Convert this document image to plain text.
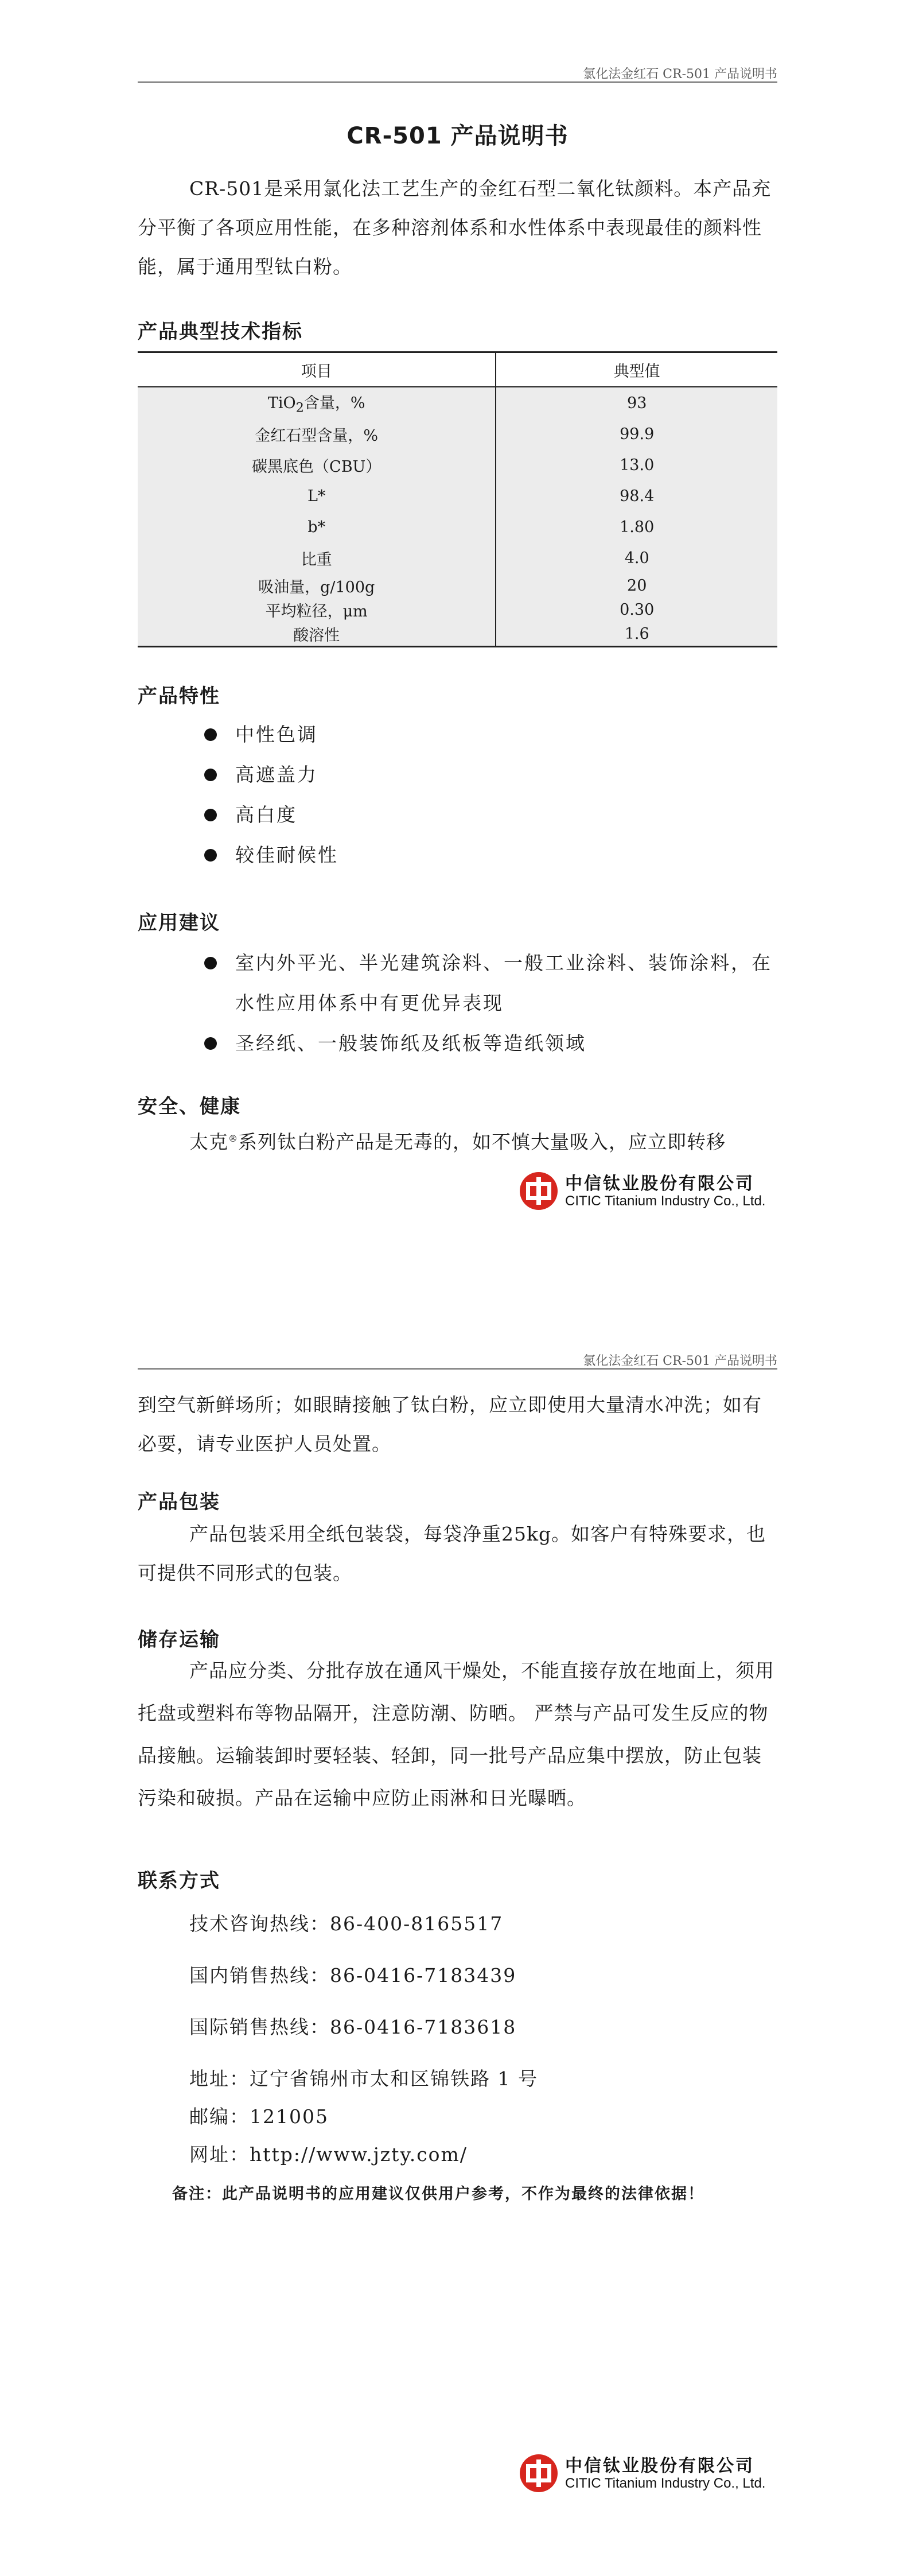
氯化法金红石 CR-501 产品说明书
CR-501 产品说明书
CR-501是采用氯化法工艺生产的金红石型二氧化钛颜料。本产品充分平衡了各项应用性能，在多种溶剂体系和水性体系中表现最佳的颜料性能，属于通用型钛白粉。
产品典型技术指标
项目	典型值
TiO$_2$含量，%	93
金红石型含量，%	99.9
碳黑底色（CBU）	13.0
L*	98.4
b*	1.80
比重	4.0
吸油量，g/100g	20
平均粒径，μm	0.30
酸溶性	1.6
产品特性
中性色调
高遮盖力
高白度
较佳耐候性
应用建议
室内外平光、半光建筑涂料、一般工业涂料、装饰涂料，在水性应用体系中有更优异表现
圣经纸、一般装饰纸及纸板等造纸领域
安全、健康
太克®系列钛白粉产品是无毒的，如不慎大量吸入，应立即转移
中信钛业股份有限公司
CITIC Titanium Industry Co., Ltd.
氯化法金红石 CR-501 产品说明书
到空气新鲜场所；如眼睛接触了钛白粉，应立即使用大量清水冲洗；如有必要，请专业医护人员处置。
产品包装
产品包装采用全纸包装袋，每袋净重25kg。如客户有特殊要求，也可提供不同形式的包装。
储存运输
产品应分类、分批存放在通风干燥处，不能直接存放在地面上，须用托盘或塑料布等物品隔开，注意防潮、防晒。 严禁与产品可发生反应的物品接触。运输装卸时要轻装、轻卸，同一批号产品应集中摆放，防止包装污染和破损。产品在运输中应防止雨淋和日光曝晒。
联系方式
技术咨询热线：86-400-8165517
国内销售热线：86-0416-7183439
国际销售热线：86-0416-7183618
地址：辽宁省锦州市太和区锦铁路 1 号
邮编：121005
网址：http://www.jzty.com/
备注：此产品说明书的应用建议仅供用户参考，不作为最终的法律依据！
中信钛业股份有限公司
CITIC Titanium Industry Co., Ltd.
